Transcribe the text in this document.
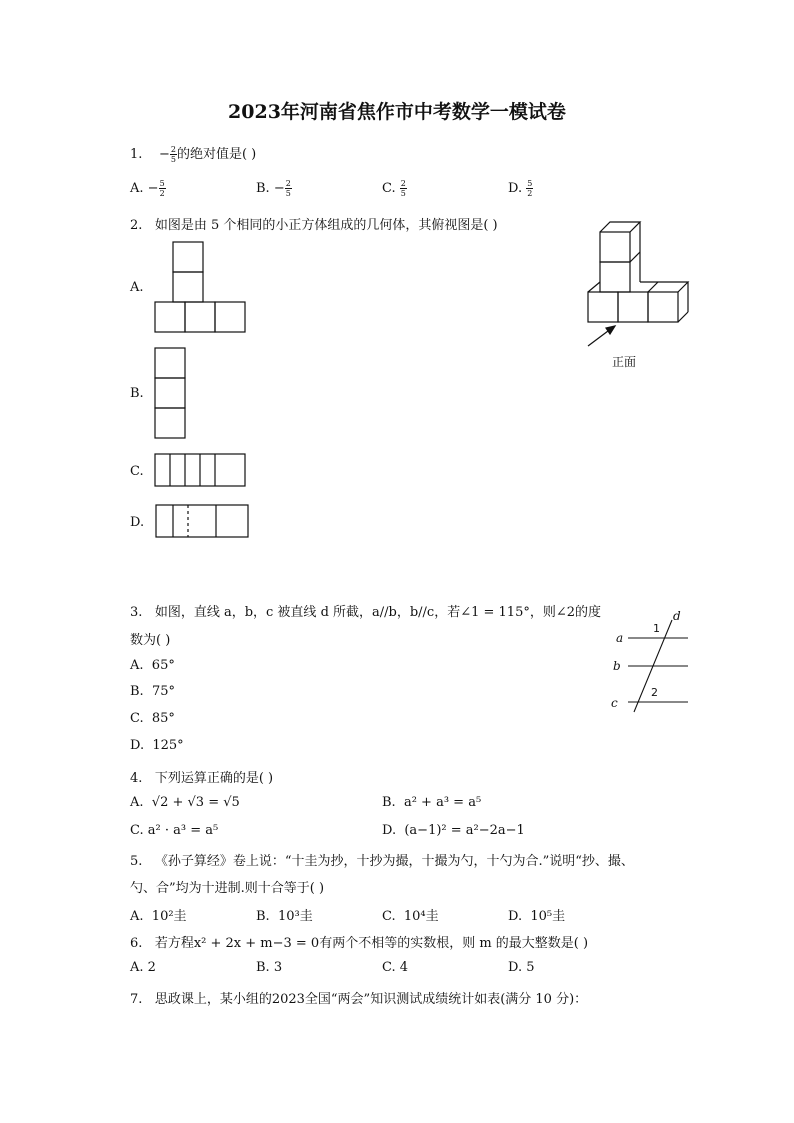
2023年河南省焦作市中考数学一模试卷
1. − $\frac{2}{5}$ 的绝对值是( )
A. − $\frac{5}{2}$	B. − $\frac{2}{5}$	C. $\frac{2}{5}$	D. $\frac{5}{2}$
2. 如图是由 5 个相同的小正方体组成的几何体，其俯视图是( )
A.
B.
C.
D.
正面
3. 如图，直线 a，b，c 被直线 d 所截，a//b，b//c，若∠1 = 115°，则∠2的度
数为( )
A. 65°
B. 75°
C. 85°
D. 125°
a
b
c
d
1
2
4. 下列运算正确的是( )
A. √2 + √3 = √5	B. a² + a³ = a⁵
C. a² · a³ = a⁵	D. (a−1)² = a²−2a−1
5. 《孙子算经》卷上说：“十圭为抄，十抄为撮，十撮为勺，十勺为合.”说明“抄、撮、
勺、合”均为十进制.则十合等于( )
A. 10²圭	B. 10³圭	C. 10⁴圭	D. 10⁵圭
6. 若方程x² + 2x + m−3 = 0有两个不相等的实数根，则 m 的最大整数是( )
A. 2	B. 3	C. 4	D. 5
7. 思政课上，某小组的2023全国“两会”知识测试成绩统计如表(满分 10 分)：
